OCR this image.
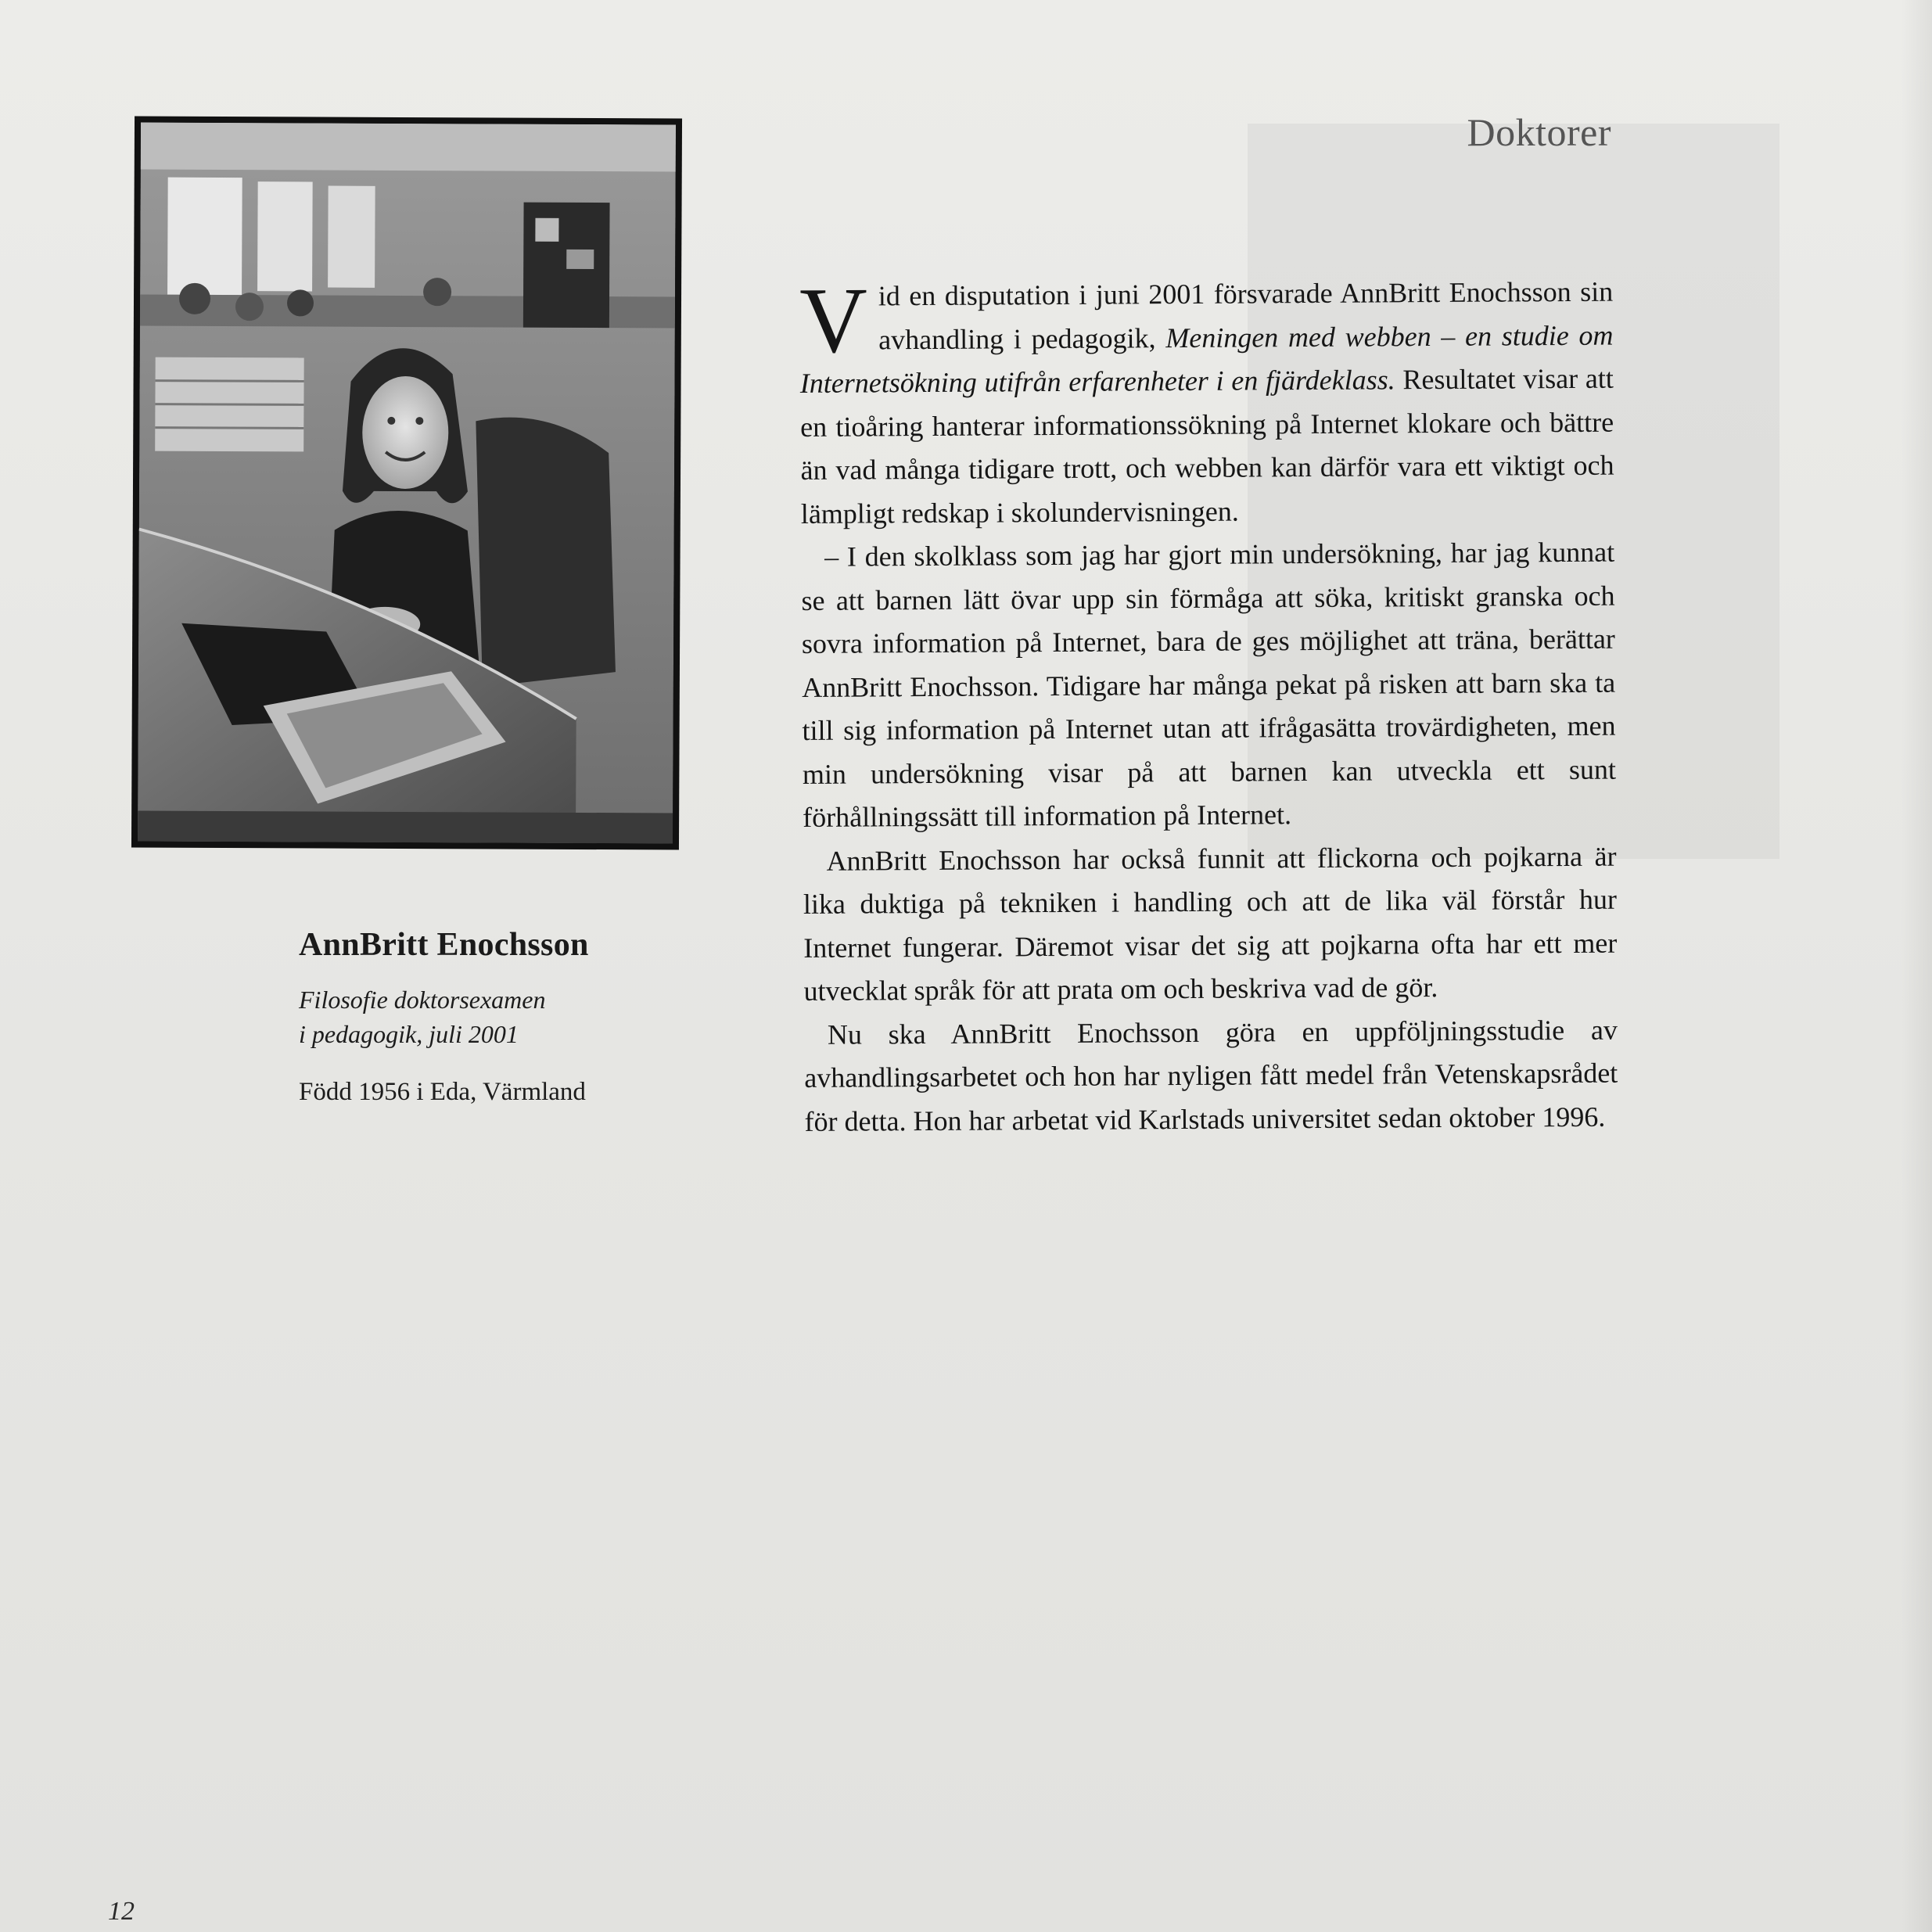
Doktorer

AnnBritt Enochsson

Filosofie doktorsexamen
i pedagogik, juli 2001

Född 1956 i Eda, Värmland

Vid en disputation i juni 2001 försvarade AnnBritt Enochsson sin avhandling i pedagogik, Meningen med webben – en studie om Internetsökning utifrån erfarenheter i en fjärdeklass. Resultatet visar att en tioåring hanterar informationssökning på Internet klokare och bättre än vad många tidigare trott, och webben kan därför vara ett viktigt och lämpligt redskap i skolundervisningen.

– I den skolklass som jag har gjort min undersökning, har jag kunnat se att barnen lätt övar upp sin förmåga att söka, kritiskt granska och sovra information på Internet, bara de ges möjlighet att träna, berättar AnnBritt Enochsson. Tidigare har många pekat på risken att barn ska ta till sig information på Internet utan att ifrågasätta trovärdigheten, men min undersökning visar på att barnen kan utveckla ett sunt förhållningssätt till information på Internet.

AnnBritt Enochsson har också funnit att flickorna och pojkarna är lika duktiga på tekniken i handling och att de lika väl förstår hur Internet fungerar. Däremot visar det sig att pojkarna ofta har ett mer utvecklat språk för att prata om och beskriva vad de gör.

Nu ska AnnBritt Enochsson göra en uppföljningsstudie av avhandlingsarbetet och hon har nyligen fått medel från Vetenskapsrådet för detta. Hon har arbetat vid Karlstads universitet sedan oktober 1996.

12
